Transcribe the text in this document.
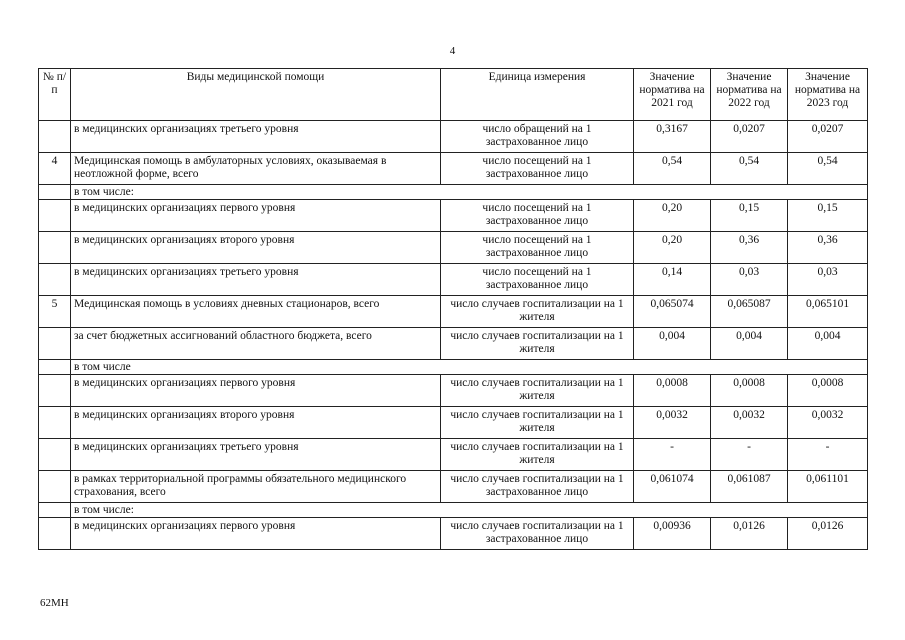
4
№ п/п	Виды медицинской помощи	Единица измерения	Значение норматива на 2021 год	Значение норматива на 2022 год	Значение норматива на 2023 год
	в медицинских организациях третьего уровня	число обращений на 1 застрахованное лицо	0,3167	0,0207	0,0207
4	Медицинская помощь в амбулаторных условиях, оказываемая в неотложной форме, всего	число посещений на 1 застрахованное лицо	0,54	0,54	0,54
	в том числе:				
	в медицинских организациях первого уровня	число посещений на 1 застрахованное лицо	0,20	0,15	0,15
	в медицинских организациях второго уровня	число посещений на 1 застрахованное лицо	0,20	0,36	0,36
	в медицинских организациях третьего уровня	число посещений на 1 застрахованное лицо	0,14	0,03	0,03
5	Медицинская помощь в условиях дневных стационаров, всего	число случаев госпитализации на 1 жителя	0,065074	0,065087	0,065101
	за счет бюджетных ассигнований областного бюджета, всего	число случаев госпитализации на 1 жителя	0,004	0,004	0,004
	в том числе				
	в медицинских организациях первого уровня	число случаев госпитализации на 1 жителя	0,0008	0,0008	0,0008
	в медицинских организациях второго уровня	число случаев госпитализации на 1 жителя	0,0032	0,0032	0,0032
	в медицинских организациях третьего уровня	число случаев госпитализации на 1 жителя	-	-	-
	в рамках территориальной программы обязательного медицинского страхования, всего	число случаев госпитализации на 1 застрахованное лицо	0,061074	0,061087	0,061101
	в том числе:				
	в медицинских организациях первого уровня	число случаев госпитализации на 1 застрахованное лицо	0,00936	0,0126	0,0126
62МН
